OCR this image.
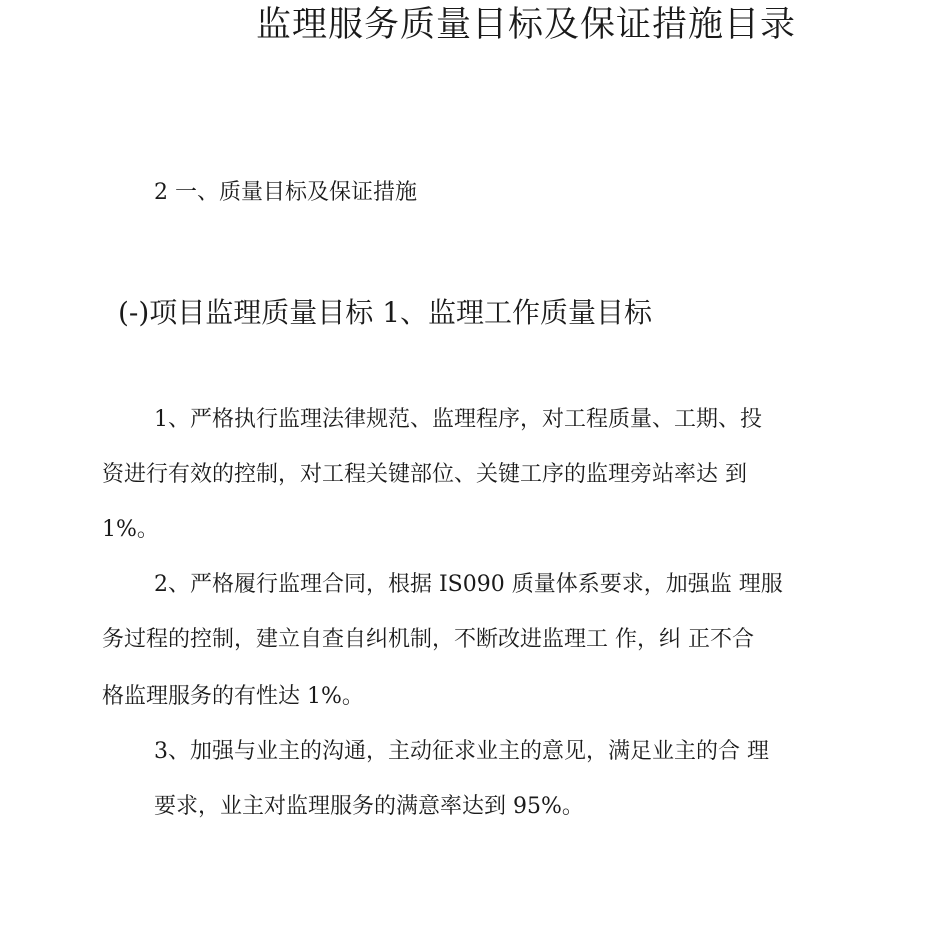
监理服务质量目标及保证措施目录
2 一、质量目标及保证措施
(-)项目监理质量目标 1、监理工作质量目标
1、严格执行监理法律规范、监理程序，对工程质量、工期、投
资进行有效的控制，对工程关键部位、关键工序的监理旁站率达 到
1%。
2、严格履行监理合同，根据 IS090 质量体系要求，加强监 理服
务过程的控制，建立自查自纠机制，不断改进监理工 作，纠 正不合
格监理服务的有性达 1%。
3、加强与业主的沟通，主动征求业主的意见，满足业主的合 理
要求，业主对监理服务的满意率达到 95%。
